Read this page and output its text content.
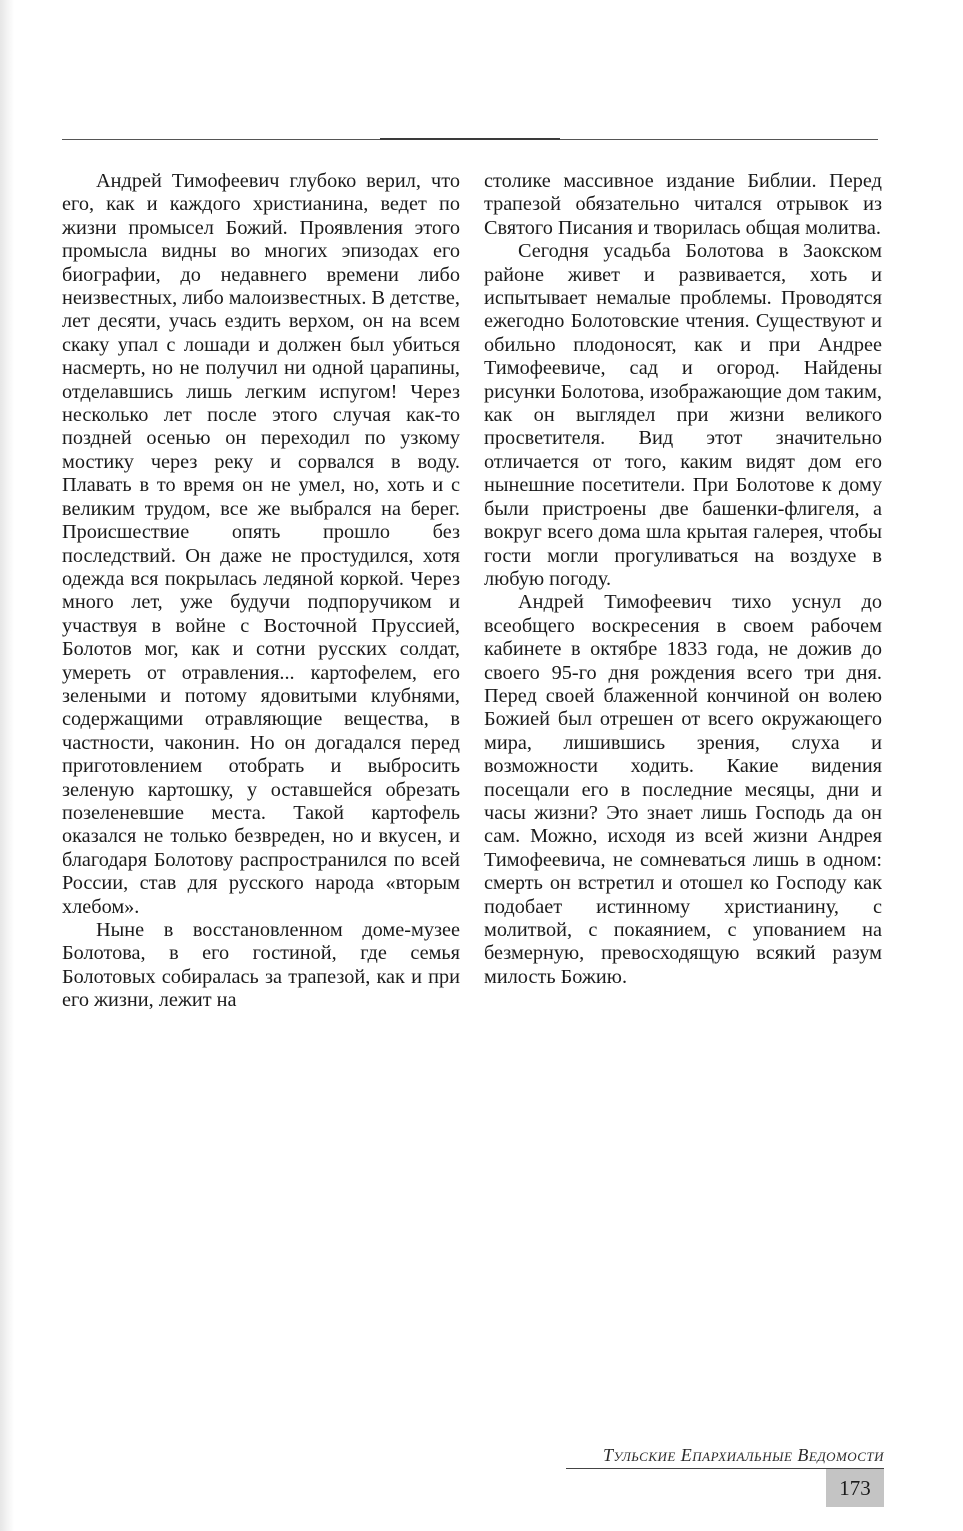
Андрей Тимофеевич глубоко верил, что его, как и каждого христианина, ведет по жизни промысел Божий. Проявления этого промысла видны во многих эпизодах его биографии, до недавнего времени либо неизвестных, либо малоизвестных. В детстве, лет десяти, учась ездить верхом, он на всем скаку упал с лошади и должен был убиться насмерть, но не получил ни одной царапины, отделавшись лишь легким испугом! Через несколько лет после этого случая как-то поздней осенью он переходил по узкому мостику через реку и сорвался в воду. Плавать в то время он не умел, но, хоть и с великим трудом, все же выбрался на берег. Происшествие опять прошло без последствий. Он даже не простудился, хотя одежда вся покрылась ледяной коркой. Через много лет, уже будучи подпоручиком и участвуя в войне с Восточной Пруссией, Болотов мог, как и сотни русских солдат, умереть от отравления... картофелем, его зелеными и потому ядовитыми клубнями, содержащими отравляющие вещества, в частности, чаконин. Но он догадался перед приготовлением отобрать и выбросить зеленую картошку, у оставшейся обрезать позеленевшие места. Такой картофель оказался не только безвреден, но и вкусен, и благодаря Болотову распространился по всей России, став для русского народа «вторым хлебом».

Ныне в восстановленном доме-музее Болотова, в его гостиной, где семья Болотовых собиралась за трапезой, как и при его жизни, лежит на

столике массивное издание Библии. Перед трапезой обязательно читался отрывок из Святого Писания и творилась общая молитва.

Сегодня усадьба Болотова в Заокском районе живет и развивается, хоть и испытывает немалые проблемы. Проводятся ежегодно Болотовские чтения. Существуют и обильно плодоносят, как и при Андрее Тимофеевиче, сад и огород. Найдены рисунки Болотова, изображающие дом таким, как он выглядел при жизни великого просветителя. Вид этот значительно отличается от того, каким видят дом его нынешние посетители. При Болотове к дому были пристроены две башенки-флигеля, а вокруг всего дома шла крытая галерея, чтобы гости могли прогуливаться на воздухе в любую погоду.

Андрей Тимофеевич тихо уснул до всеобщего воскресения в своем рабочем кабинете в октябре 1833 года, не дожив до своего 95-го дня рождения всего три дня. Перед своей блаженной кончиной он волею Божией был отрешен от всего окружающего мира, лишившись зрения, слуха и возможности ходить. Какие видения посещали его в последние месяцы, дни и часы жизни? Это знает лишь Господь да он сам. Можно, исходя из всей жизни Андрея Тимофеевича, не сомневаться лишь в одном: смерть он встретил и отошел ко Господу как подобает истинному христианину, с молитвой, с покаянием, с упованием на безмерную, превосходящую всякий разум милость Божию.

Тульские Епархиальные Ведомости
173
